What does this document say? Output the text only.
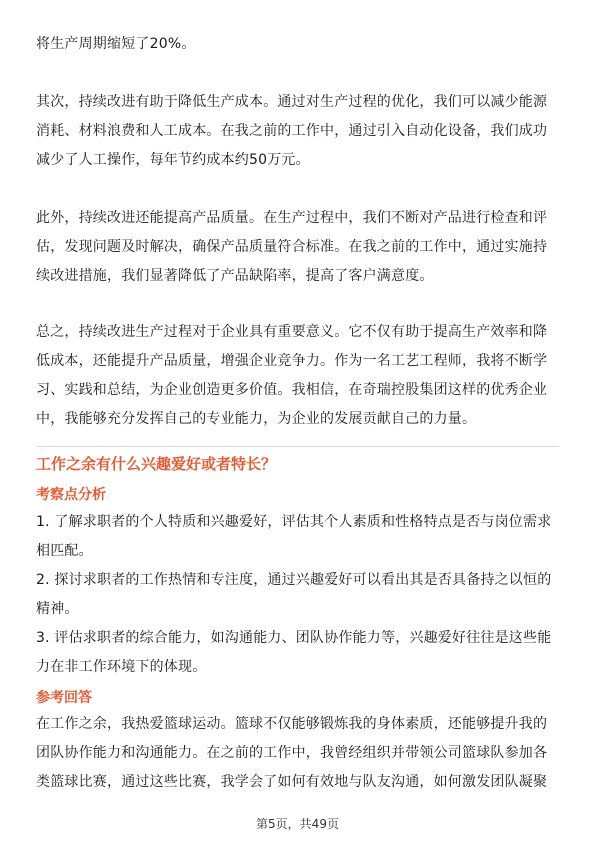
将生产周期缩短了20%。
其次，持续改进有助于降低生产成本。通过对生产过程的优化，我们可以减少能源
消耗、材料浪费和人工成本。在我之前的工作中，通过引入自动化设备，我们成功
减少了人工操作，每年节约成本约50万元。
此外，持续改进还能提高产品质量。在生产过程中，我们不断对产品进行检查和评
估，发现问题及时解决，确保产品质量符合标准。在我之前的工作中，通过实施持
续改进措施，我们显著降低了产品缺陷率，提高了客户满意度。
总之，持续改进生产过程对于企业具有重要意义。它不仅有助于提高生产效率和降
低成本，还能提升产品质量，增强企业竞争力。作为一名工艺工程师，我将不断学
习、实践和总结，为企业创造更多价值。我相信，在奇瑞控股集团这样的优秀企业
中，我能够充分发挥自己的专业能力，为企业的发展贡献自己的力量。

工作之余有什么兴趣爱好或者特长？

考察点分析

1. 了解求职者的个人特质和兴趣爱好，评估其个人素质和性格特点是否与岗位需求
相匹配。
2. 探讨求职者的工作热情和专注度，通过兴趣爱好可以看出其是否具备持之以恒的
精神。
3. 评估求职者的综合能力，如沟通能力、团队协作能力等，兴趣爱好往往是这些能
力在非工作环境下的体现。

参考回答

在工作之余，我热爱篮球运动。篮球不仅能够锻炼我的身体素质，还能够提升我的
团队协作能力和沟通能力。在之前的工作中，我曾经组织并带领公司篮球队参加各
类篮球比赛，通过这些比赛，我学会了如何有效地与队友沟通，如何激发团队凝聚
第5页，共49页
